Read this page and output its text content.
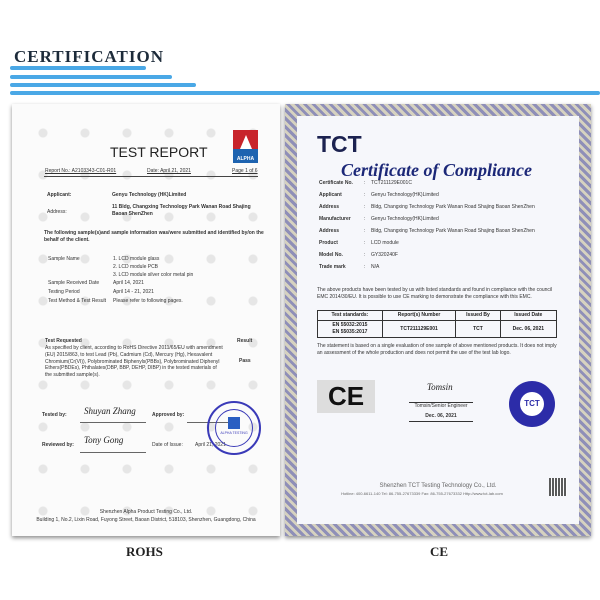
CERTIFICATION
ALPHA
TEST REPORT
Report No.: A2103343-C01-R01	Date: April 21, 2021	Page 1 of 6
Applicant:	Genyu Technology (HK)Limited
Address:
11 Bldg, Changxing Technology Park Wanan Road Shajing Baoan ShenZhen
The following sample(s)and sample information was/were submitted and identified by/on the behalf of the client.
Sample Name	1. LCD module glass
2. LCD module PCB
3. LCD module silver color metal pin
Sample Received Date	April 14, 2021
Testing Period	April 14 - 21, 2021
Test Method & Test Result Please refer to following pages.
Test Requested	Result
As specified by client, according to RoHS Directive 2011/65/EU with amendment (EU) 2015/863, to test Lead (Pb), Cadmium (Cd), Mercury (Hg), Hexavalent Chromium(Cr(VI)), Polybrominated Biphenyls(PBBs), Polybrominated Diphenyl Ethers(PBDEs), Phthalates(DBP, BBP, DEHP, DIBP) in the tested materials of the submitted sample(s).
Pass
Tested by: Shuyan Zhang	Approved by:
Reviewed by: Tony Gong	Date of Issue: April 21, 2021
ALPHA TESTING
Shenzhen Alpha Product Testing Co., Ltd.
Building 1, No.2, Lixin Road, Fuyong Street, Baoan District, 518103, Shenzhen, Guangdong, China
TCT
Certificate of Compliance
Certificate No. : TCT211129E001C
Applicant	: Genyu Technology(HK)Limited
Address	: Bldg, Changxing Technology Park Wanan Road Shajing Baoan ShenZhen
Manufacturer	: Genyu Technology(HK)Limited
Address	: Bldg, Changxing Technology Park Wanan Road Shajing Baoan ShenZhen
Product	: LCD module
Model No.	: GY320240F
Trade mark	: N/A
The above products have been tested by us with listed standards and found in compliance with the council EMC 2014/30/EU. It is possible to use CE marking to demonstrate the compliance with this EMC.
Test standards:	Report(s) Number	Issued By	Issued Date

EN 55032:2015
EN 55035:2017	TCT211129E001	TCT	Dec. 06, 2021
The statement is based on a single evaluation of one sample of above mentioned products. It does not imply an assessment of the whole production and does not permit the use of the test lab logo.
CE	Tomsin
Tomsin/Senior Engineer
Dec. 06, 2021
TCT
Shenzhen TCT Testing Technology Co., Ltd.
Hotline: 400-6611-140 Tel: 86-755-27673339 Fax: 86-755-27673332 Http://www.tct-lab.com
ROHS	CE
